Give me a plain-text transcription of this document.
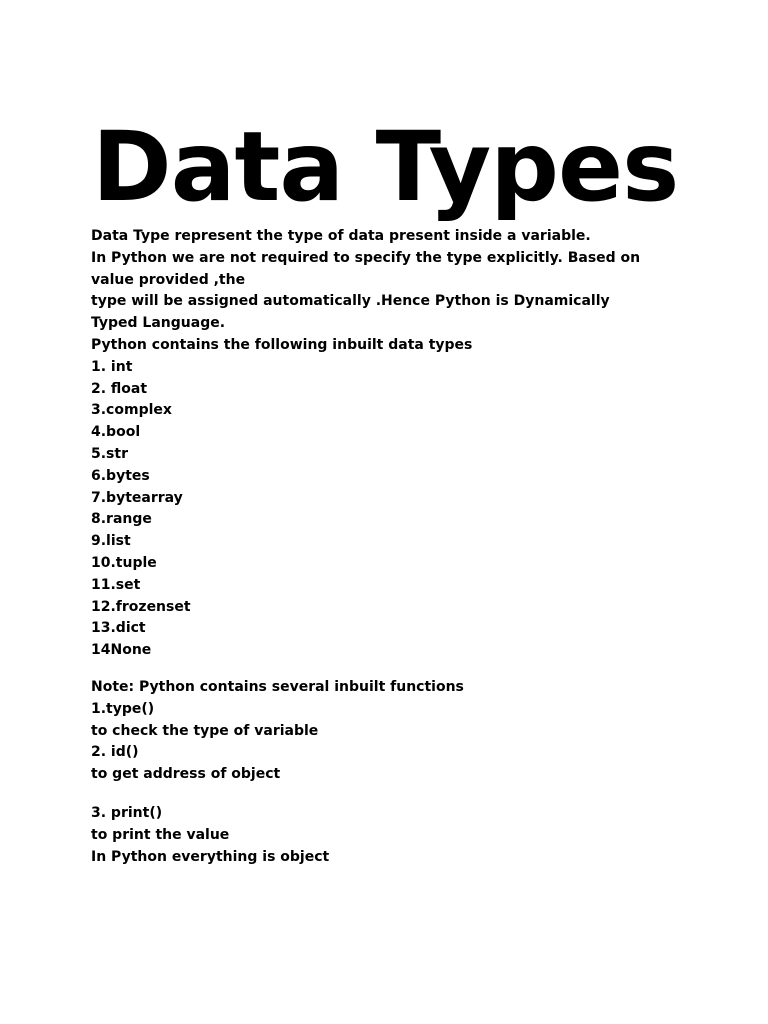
Data Types
Data Type represent the type of data present inside a variable.
In Python we are not required to specify the type explicitly. Based on
value provided ,the
type will be assigned automatically .Hence Python is Dynamically
Typed Language.
Python contains the following inbuilt data types
1. int
2. float
3.complex
4.bool
5.str
6.bytes
7.bytearray
8.range
9.list
10.tuple
11.set
12.frozenset
13.dict
14None
Note: Python contains several inbuilt functions
1.type()
to check the type of variable
2. id()
to get address of object
3. print()
to print the value
In Python everything is object
